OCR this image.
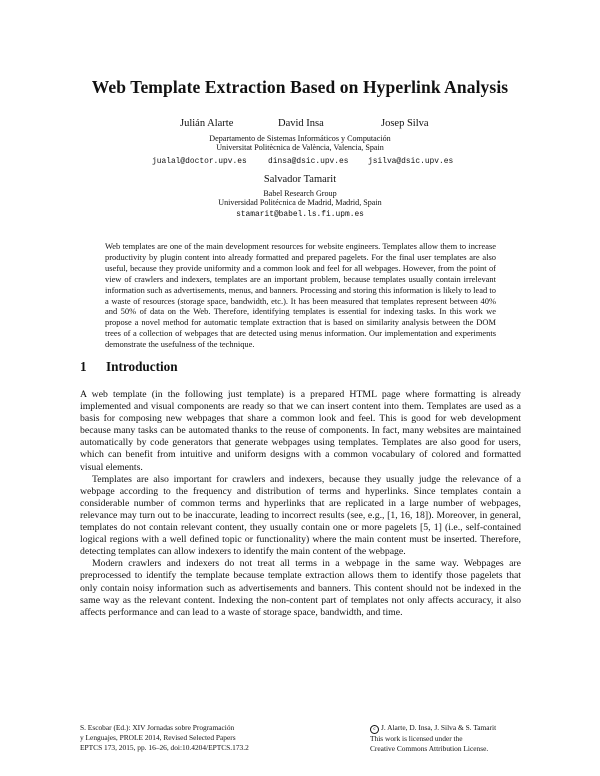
Web Template Extraction Based on Hyperlink Analysis
Julián Alarte	David Insa	Josep Silva
Departamento de Sistemas Informáticos y Computación
Universitat Politècnica de València, Valencia, Spain
jualal@doctor.upv.es	dinsa@dsic.upv.es jsilva@dsic.upv.es
Salvador Tamarit
Babel Research Group
Universidad Politécnica de Madrid, Madrid, Spain
stamarit@babel.ls.fi.upm.es

Web templates are one of the main development resources for website engineers. Templates allow them to increase productivity by plugin content into already formatted and prepared pagelets. For the final user templates are also useful, because they provide uniformity and a common look and feel for all webpages. However, from the point of view of crawlers and indexers, templates are an important problem, because templates usually contain irrelevant information such as advertisements, menus, and banners. Processing and storing this information is likely to lead to a waste of resources (storage space, bandwidth, etc.). It has been measured that templates represent between 40% and 50% of data on the Web. Therefore, identifying templates is essential for indexing tasks. In this work we propose a novel method for automatic template extraction that is based on similarity analysis between the DOM trees of a collection of webpages that are detected using menus information. Our implementation and experiments demonstrate the usefulness of the technique.

1 Introduction

A web template (in the following just template) is a prepared HTML page where formatting is already implemented and visual components are ready so that we can insert content into them. Templates are used as a basis for composing new webpages that share a common look and feel. This is good for web development because many tasks can be automated thanks to the reuse of components. In fact, many websites are maintained automatically by code generators that generate webpages using templates. Templates are also good for users, which can benefit from intuitive and uniform designs with a common vocabulary of colored and formatted visual elements.

Templates are also important for crawlers and indexers, because they usually judge the relevance of a webpage according to the frequency and distribution of terms and hyperlinks. Since templates contain a considerable number of common terms and hyperlinks that are replicated in a large number of webpages, relevance may turn out to be inaccurate, leading to incorrect results (see, e.g., [1, 16, 18]). Moreover, in general, templates do not contain relevant content, they usually contain one or more pagelets [5, 1] (i.e., self-contained logical regions with a well defined topic or functionality) where the main content must be inserted. Therefore, detecting templates can allow indexers to identify the main content of the webpage.

Modern crawlers and indexers do not treat all terms in a webpage in the same way. Webpages are preprocessed to identify the template because template extraction allows them to identify those pagelets that only contain noisy information such as advertisements and banners. This content should not be indexed in the same way as the relevant content. Indexing the non-content part of templates not only affects accuracy, it also affects performance and can lead to a waste of storage space, bandwidth, and time.

S. Escobar (Ed.): XIV Jornadas sobre Programación
y Lenguajes, PROLE 2014, Revised Selected Papers
EPTCS 173, 2015, pp. 16–26, doi:10.4204/EPTCS.173.2
c J. Alarte, D. Insa, J. Silva & S. Tamarit
This work is licensed under the
Creative Commons Attribution License.
